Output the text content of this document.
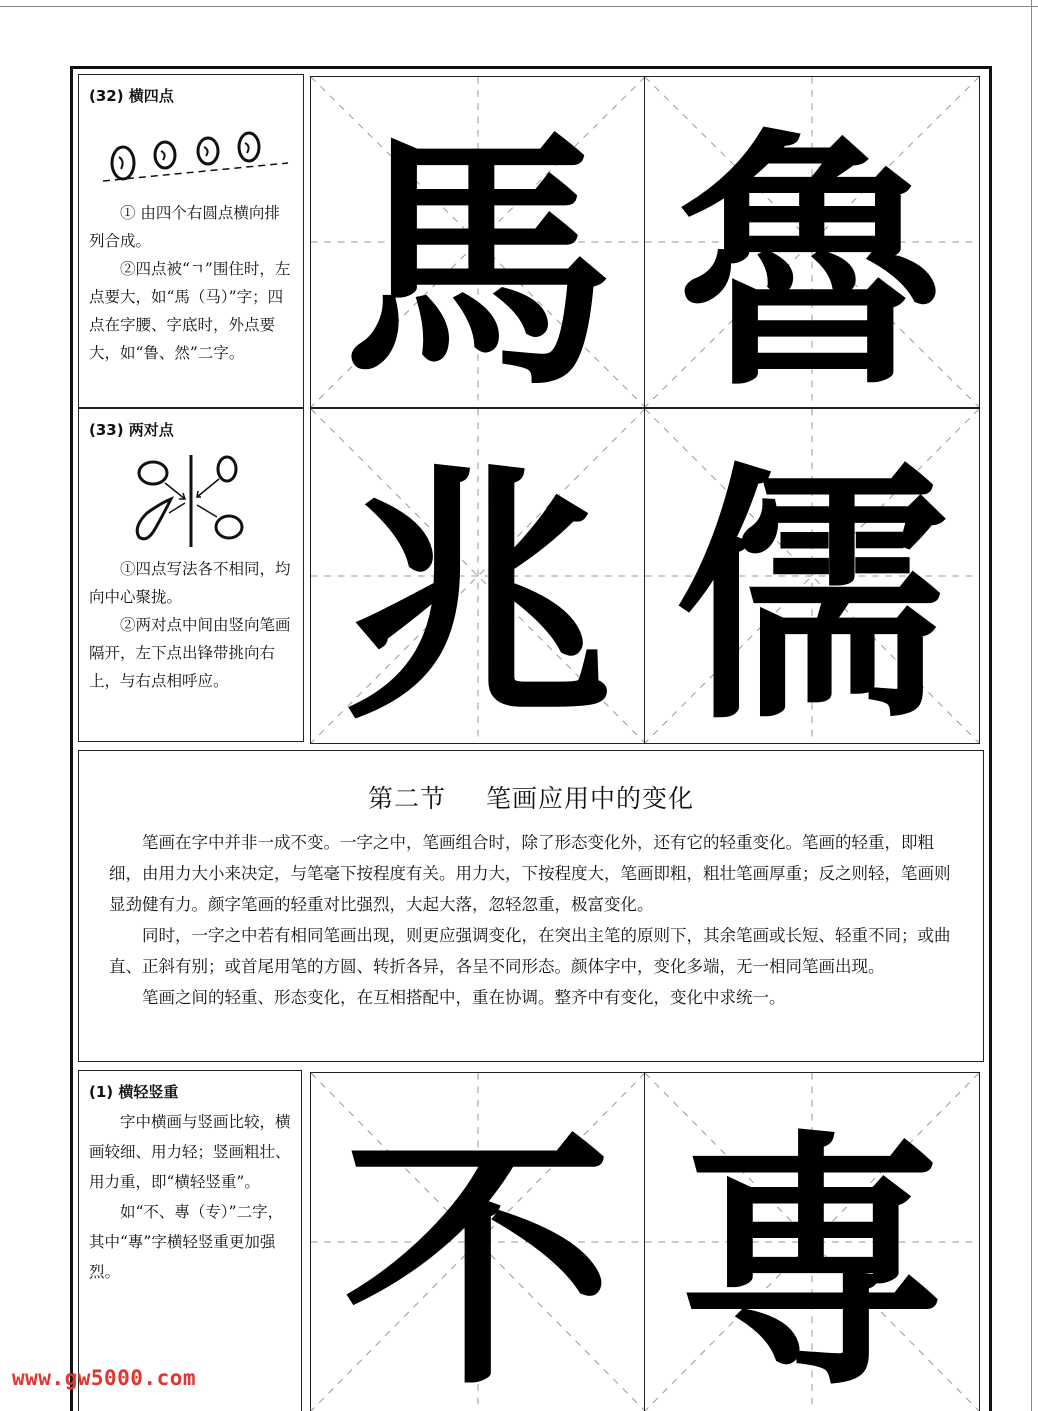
(32) 横四点

① 由四个右圆点横向排列合成。

②四点被“ㄱ”围住时，左点要大，如“馬（马）”字；四点在字腰、字底时，外点要大，如“鲁、然”二字。

(33) 两对点

①四点写法各不相同，均向中心聚拢。

②两对点中间由竖向笔画隔开，左下点出锋带挑向右上，与右点相呼应。

馬 魯
兆 儒
第二节 笔画应用中的变化

笔画在字中并非一成不变。一字之中，笔画组合时，除了形态变化外，还有它的轻重变化。笔画的轻重，即粗细，由用力大小来决定，与笔毫下按程度有关。用力大，下按程度大，笔画即粗，粗壮笔画厚重；反之则轻，笔画则显劲健有力。颜字笔画的轻重对比强烈，大起大落，忽轻忽重，极富变化。

同时，一字之中若有相同笔画出现，则更应强调变化，在突出主笔的原则下，其余笔画或长短、轻重不同；或曲直、正斜有别；或首尾用笔的方圆、转折各异，各呈不同形态。颜体字中，变化多端，无一相同笔画出现。

笔画之间的轻重、形态变化，在互相搭配中，重在协调。整齐中有变化，变化中求统一。

(1) 横轻竖重

字中横画与竖画比较，横画较细、用力轻；竖画粗壮、用力重，即“横轻竖重”。

如“不、專（专）”二字，其中“專”字横轻竖重更加强烈。 不 専
www.gw5000.com
